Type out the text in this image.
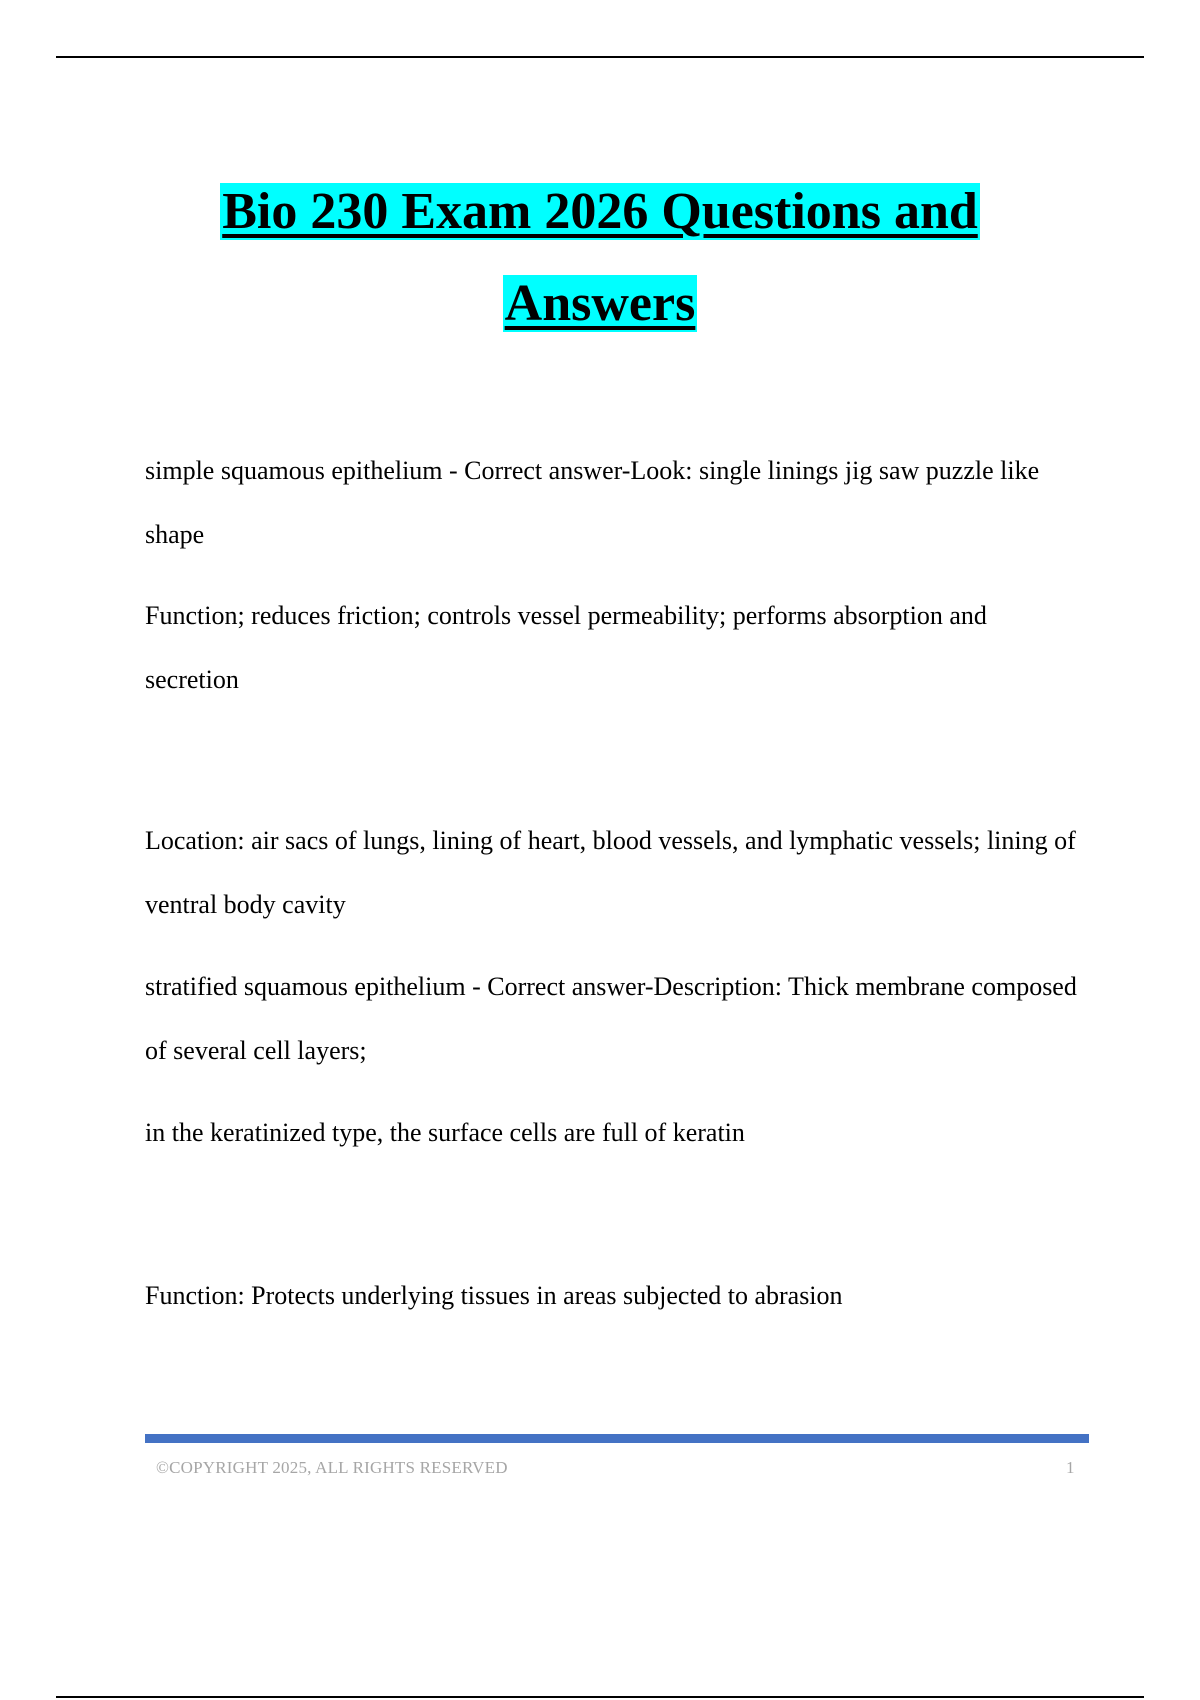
Bio 230 Exam 2026 Questions and
Answers

simple squamous epithelium - Correct answer-Look: single linings jig saw puzzle like shape

Function; reduces friction; controls vessel permeability; performs absorption and secretion

Location: air sacs of lungs, lining of heart, blood vessels, and lymphatic vessels; lining of ventral body cavity

stratified squamous epithelium - Correct answer-Description: Thick membrane composed of several cell layers;

in the keratinized type, the surface cells are full of keratin

Function: Protects underlying tissues in areas subjected to abrasion

©COPYRIGHT 2025, ALL RIGHTS RESERVED	1
